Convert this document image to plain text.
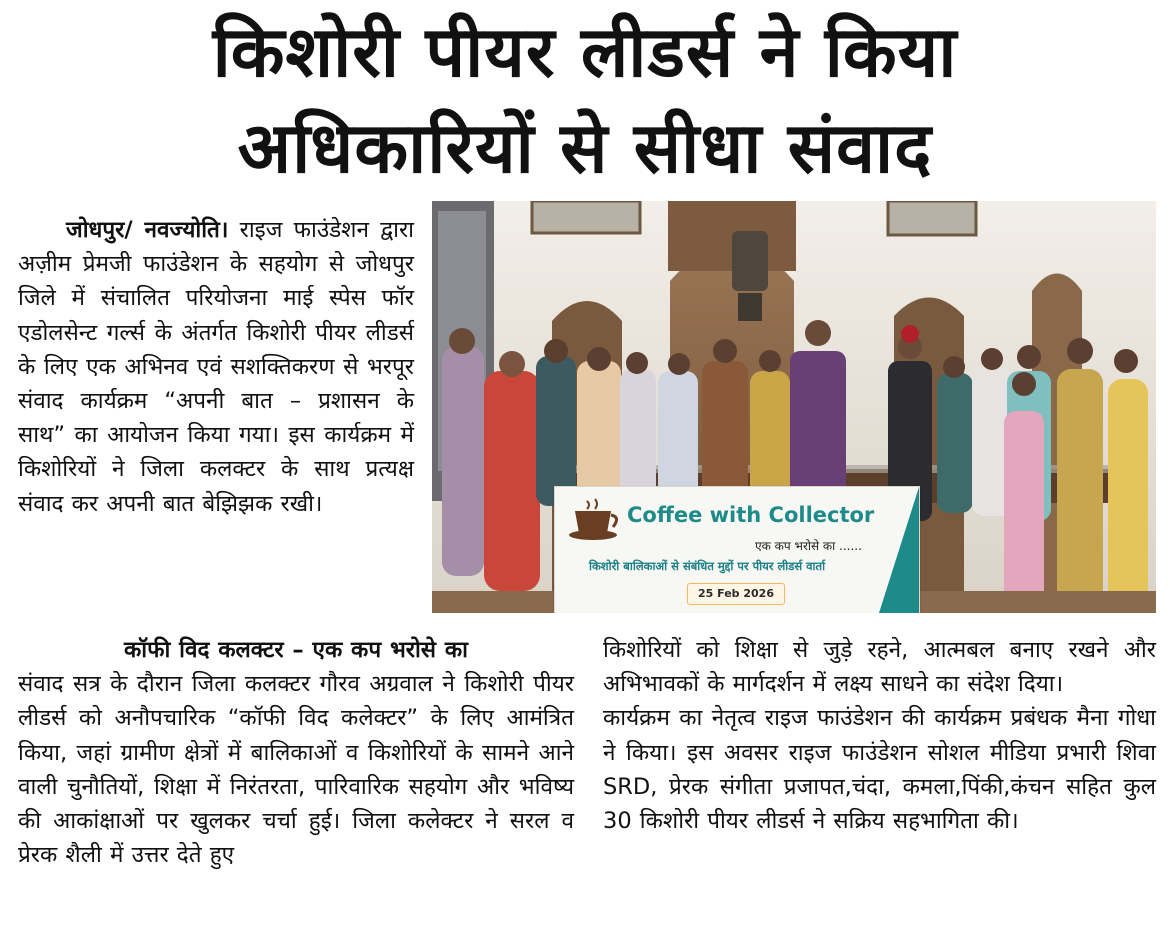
किशोरी पीयर लीडर्स ने किया
अधिकारियों से सीधा संवाद

जोधपुर/ नवज्योति। राइज फाउंडेशन द्वारा अज़ीम प्रेमजी फाउंडेशन के सहयोग से जोधपुर जिले में संचालित परियोजना माई स्पेस फॉर एडोलसेन्ट गर्ल्स के अंतर्गत किशोरी पीयर लीडर्स के लिए एक अभिनव एवं सशक्तिकरण से भरपूर संवाद कार्यक्रम “अपनी बात – प्रशासन के साथ” का आयोजन किया गया। इस कार्यक्रम में किशोरियों ने जिला कलक्टर के साथ प्रत्यक्ष संवाद कर अपनी बात बेझिझक रखी।	Coffee with Collector
एक कप भरोसे का ......
किशोरी बालिकाओं से संबंधित मुद्दों पर पीयर लीडर्स वार्ता
25 Feb 2026

कॉफी विद कलक्टर – एक कप भरोसे का

संवाद सत्र के दौरान जिला कलक्टर गौरव अग्रवाल ने किशोरी पीयर लीडर्स को अनौपचारिक “कॉफी विद कलेक्टर” के लिए आमंत्रित किया, जहां ग्रामीण क्षेत्रों में बालिकाओं व किशोरियों के सामने आने वाली चुनौतियों, शिक्षा में निरंतरता, पारिवारिक सहयोग और भविष्य की आकांक्षाओं पर खुलकर चर्चा हुई। जिला कलेक्टर ने सरल व प्रेरक शैली में उत्तर देते हुए

किशोरियों को शिक्षा से जुड़े रहने, आत्मबल बनाए रखने और अभिभावकों के मार्गदर्शन में लक्ष्य साधने का संदेश दिया।

कार्यक्रम का नेतृत्व राइज फाउंडेशन की कार्यक्रम प्रबंधक मैना गोधा ने किया। इस अवसर राइज फाउंडेशन सोशल मीडिया प्रभारी शिवा SRD, प्रेरक संगीता प्रजापत,चंदा, कमला,पिंकी,कंचन सहित कुल 30 किशोरी पीयर लीडर्स ने सक्रिय सहभागिता की।
